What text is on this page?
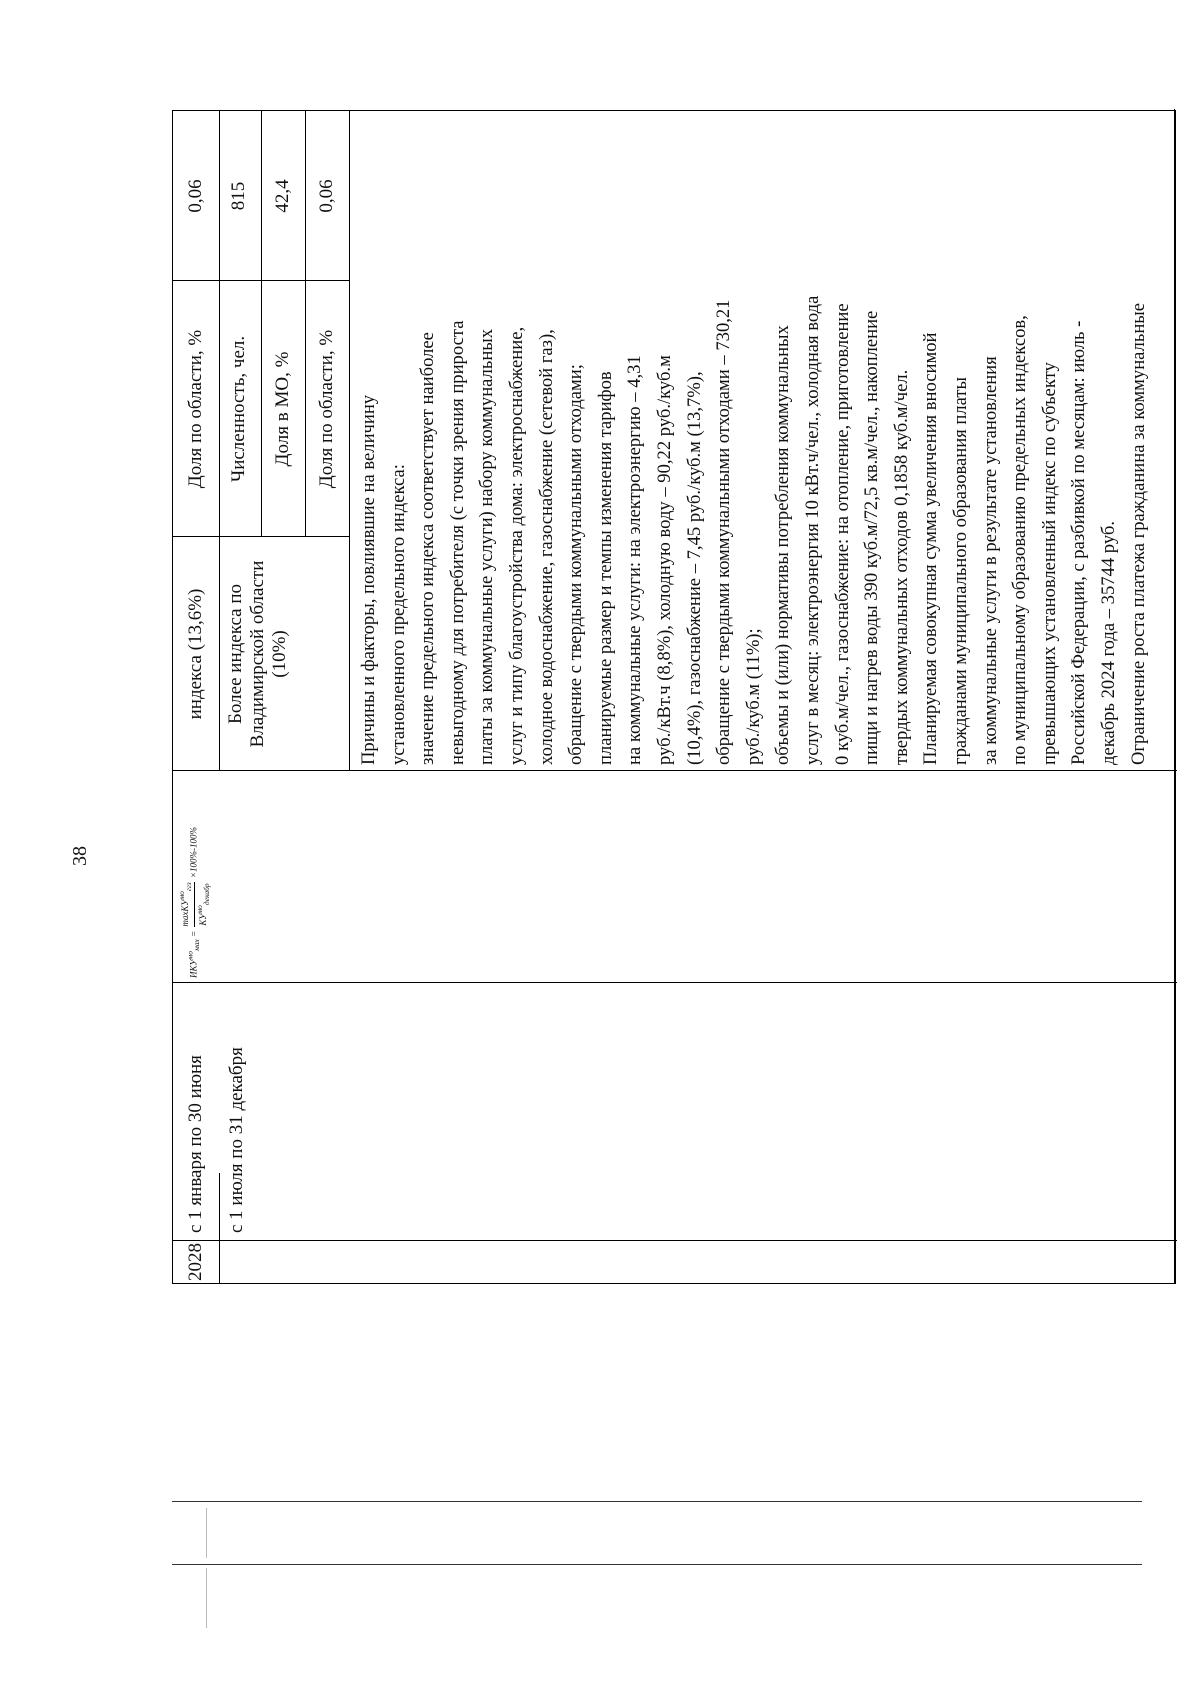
38
2028
с 1 января по 30 июня с 1 июля по 31 декабря
$ИКУ^{мо}_{мах}$ =
maxКУ$^{мо}_{ггз}$
$КУ^{мо}_{декабр}$
×100%-100%
индекса (13,6%) Более индекса по Владимирской области (10%)
Доля по области, %
0,06
Численность, чел.
815
Доля в МО, %
42,4
Доля по области, %
0,06
Причины и факторы, повлиявшие на величину установленного предельного индекса: значение предельного индекса соответствует наиболее невыгодному для потребителя (с точки зрения прироста платы за коммунальные услуги) набору коммунальных услуг и типу благоустройства дома: электроснабжение, холодное водоснабжение, газоснабжение (сетевой газ), обращение с твердыми коммунальными отходами; планируемые размер и темпы изменения тарифов на коммунальные услуги: на электроэнергию – 4,31 руб./кВт.ч (8,8%), холодную воду – 90,22 руб./куб.м (10,4%), газоснабжение – 7,45 руб./куб.м (13,7%), обращение с твердыми коммунальными отходами – 730,21 руб./куб.м (11%); объемы и (или) нормативы потребления коммунальных услуг в месяц: электроэнергия 10 кВт.ч/чел., холодная вода 0 куб.м/чел., газоснабжение: на отопление, приготовление пищи и нагрев воды 390 куб.м/72,5 кв.м/чел., накопление твердых коммунальных отходов 0,1858 куб.м/чел. Планируемая совокупная сумма увеличения вносимой гражданами муниципального образования платы за коммунальные услуги в результате установления по муниципальному образованию предельных индексов, превышающих установленный индекс по субъекту Российской Федерации, с разбивкой по месяцам: июль - декабрь 2024 года – 35744 руб. Ограничение роста платежа гражданина за коммунальные
